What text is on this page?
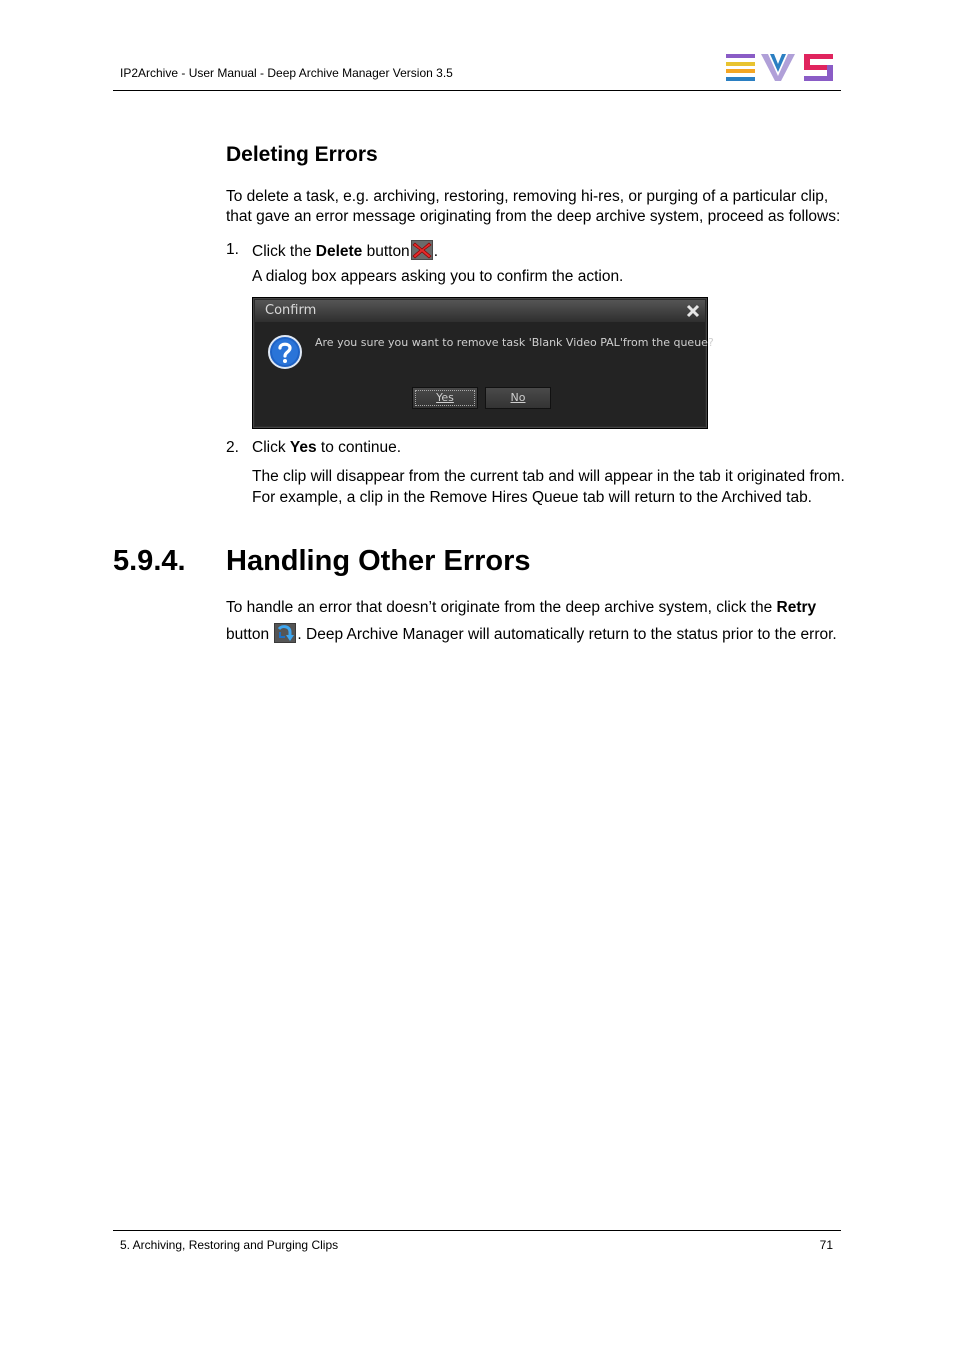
IP2Archive - User Manual - Deep Archive Manager Version 3.5
Deleting Errors
To delete a task, e.g. archiving, restoring, removing hi-res, or purging of a particular clip,
that gave an error message originating from the deep archive system, proceed as follows:
1. Click the Delete button .
A dialog box appears asking you to confirm the action.
Confirm
Are you sure you want to remove task 'Blank Video PAL'from the queue?
Yes	No
2. Click Yes to continue.
The clip will disappear from the current tab and will appear in the tab it originated from.
For example, a clip in the Remove Hires Queue tab will return to the Archived tab.
5.9.4. Handling Other Errors
To handle an error that doesn’t originate from the deep archive system, click the Retry
button . Deep Archive Manager will automatically return to the status prior to the error.
5. Archiving, Restoring and Purging Clips	71
